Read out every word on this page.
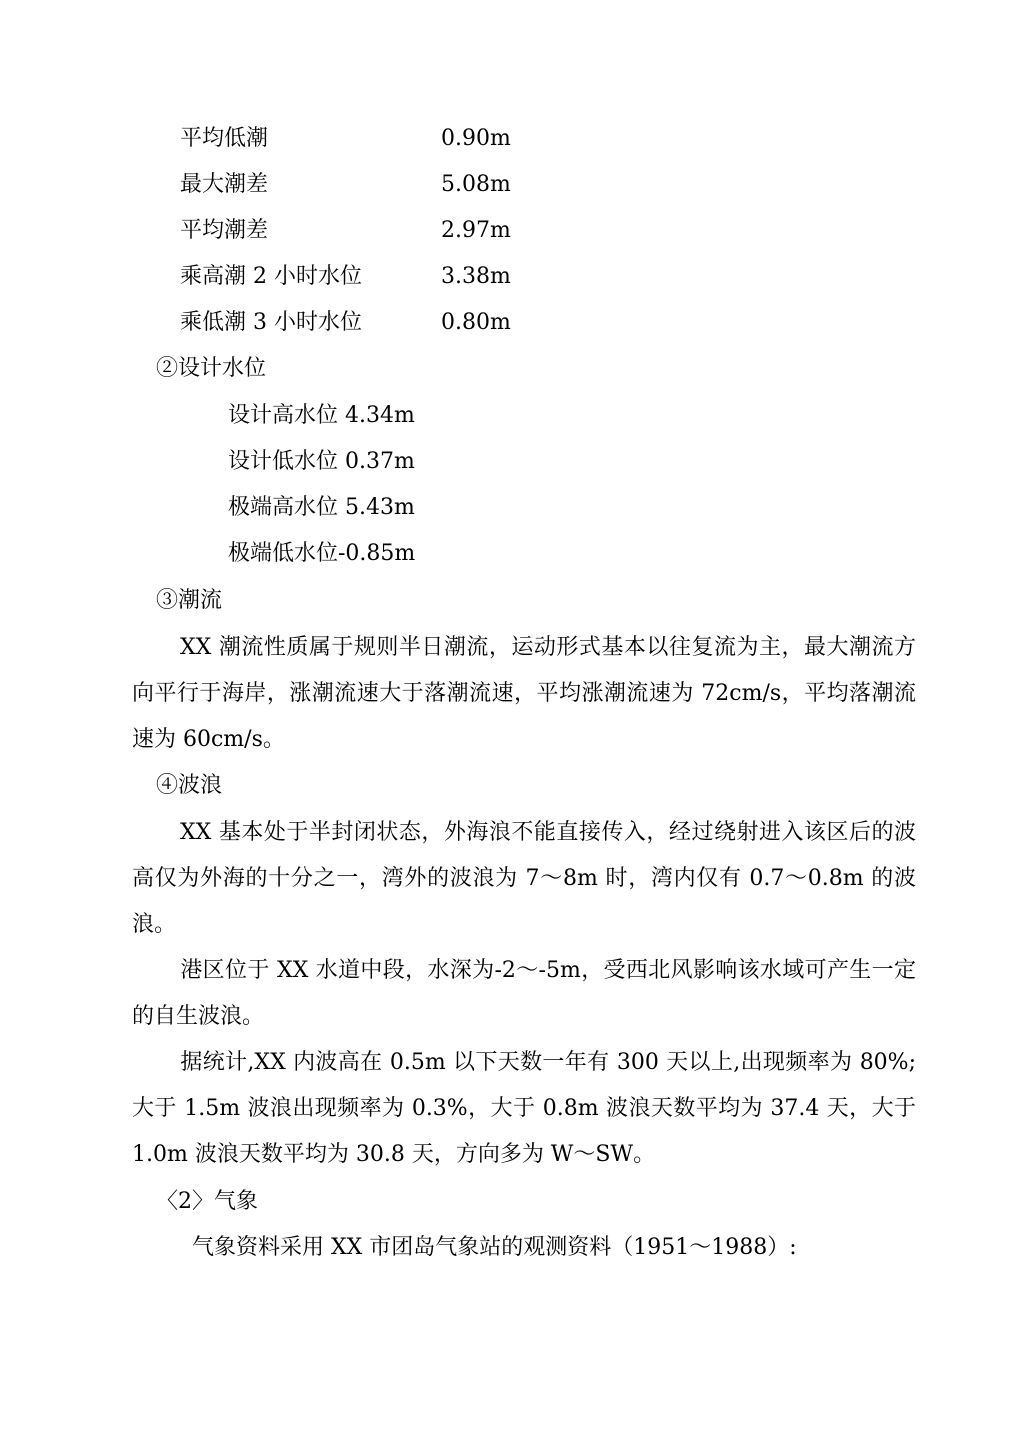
平均低潮	0.90m
最大潮差	5.08m
平均潮差	2.97m
乘高潮 2 小时水位	3.38m
乘低潮 3 小时水位	0.80m
②设计水位
设计高水位 4.34m
设计低水位 0.37m
极端高水位 5.43m
极端低水位-0.85m
③潮流

XX 潮流性质属于规则半日潮流，运动形式基本以往复流为主，最大潮流方向平行于海岸，涨潮流速大于落潮流速，平均涨潮流速为 72cm/s，平均落潮流速为 60cm/s。

④波浪

XX 基本处于半封闭状态，外海浪不能直接传入，经过绕射进入该区后的波高仅为外海的十分之一，湾外的波浪为 7～8m 时，湾内仅有 0.7～0.8m 的波浪。

港区位于 XX 水道中段，水深为-2～-5m，受西北风影响该水域可产生一定的自生波浪。

据统计,XX 内波高在 0.5m 以下天数一年有 300 天以上,出现频率为 80%;大于 1.5m 波浪出现频率为 0.3%，大于 0.8m 波浪天数平均为 37.4 天，大于 1.0m 波浪天数平均为 30.8 天，方向多为 W～SW。

〈2〉气象
气象资料采用 XX 市团岛气象站的观测资料（1951～1988）:
